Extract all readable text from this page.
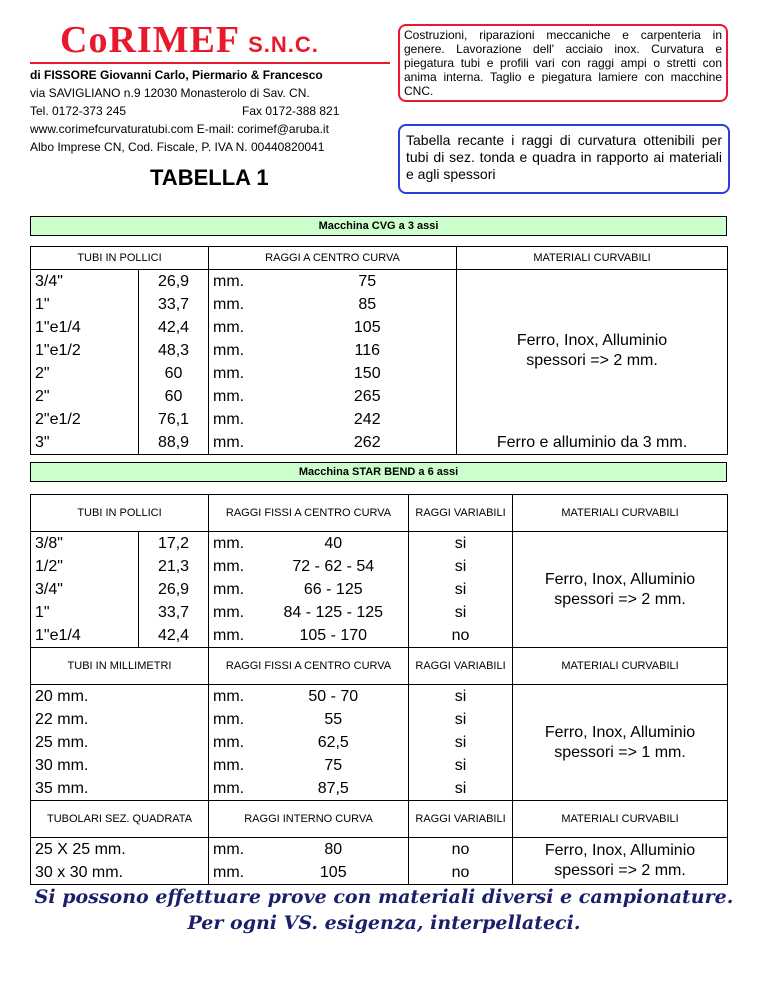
CoRIMEF S.N.C.
di FISSORE Giovanni Carlo, Piermario & Francesco
via SAVIGLIANO n.9 12030 Monasterolo di Sav. CN.
Tel. 0172-373 245	Fax 0172-388 821
www.corimefcurvaturatubi.com E-mail: corimef@aruba.it
Albo Imprese CN, Cod. Fiscale, P. IVA N. 00440820041
Costruzioni, riparazioni meccaniche e carpenteria in genere. Lavorazione dell' acciaio inox. Curvatura e piegatura tubi e profili vari con raggi ampi o stretti con anima interna. Taglio e piegatura lamiere con macchine CNC.
Tabella recante i raggi di curvatura ottenibili per tubi di sez. tonda e quadra in rapporto ai materiali e agli spessori
TABELLA 1
Macchina CVG a 3 assi
TUBI IN POLLICI		RAGGI A CENTRO CURVA		MATERIALI CURVABILI
3/4"	26,9	mm.	75	Ferro, Inox, Alluminio
spessori => 2 mm.

1"	33,7	mm.	85	
1"e1/4	42,4	mm.	105	
1"e1/2	48,3	mm.	116	
2"	60	mm.	150	
2"	60	mm.	265	
2"e1/2	76,1	mm.	242	
3"	88,9	mm.	262	Ferro e alluminio da 3 mm.
Macchina STAR BEND a 6 assi
TUBI IN POLLICI		RAGGI FISSI A CENTRO CURVA		RAGGI VARIABILI	MATERIALI CURVABILI
3/8"	17,2	mm.	40	si	Ferro, Inox, Alluminio
spessori => 2 mm.

1/2"	21,3	mm.	72 - 62 - 54	si	
3/4"	26,9	mm.	66 - 125	si	
1"	33,7	mm.	84 - 125 - 125	si	
1"e1/4	42,4	mm.	105 - 170	no	
TUBI IN MILLIMETRI		RAGGI FISSI A CENTRO CURVA		RAGGI VARIABILI	MATERIALI CURVABILI
20 mm.		mm.	50 - 70	si	Ferro, Inox, Alluminio
spessori => 1 mm.

22 mm.		mm.	55	si	
25 mm.		mm.	62,5	si	
30 mm.		mm.	75	si	
35 mm.		mm.	87,5	si	
TUBOLARI SEZ. QUADRATA		RAGGI INTERNO CURVA		RAGGI VARIABILI	MATERIALI CURVABILI
25 X 25 mm.		mm.	80	no	Ferro, Inox, Alluminio
spessori => 2 mm.

30 x 30 mm.		mm.	105	no	
Si possono effettuare prove con materiali diversi e campionature.
Per ogni VS. esigenza, interpellateci.
